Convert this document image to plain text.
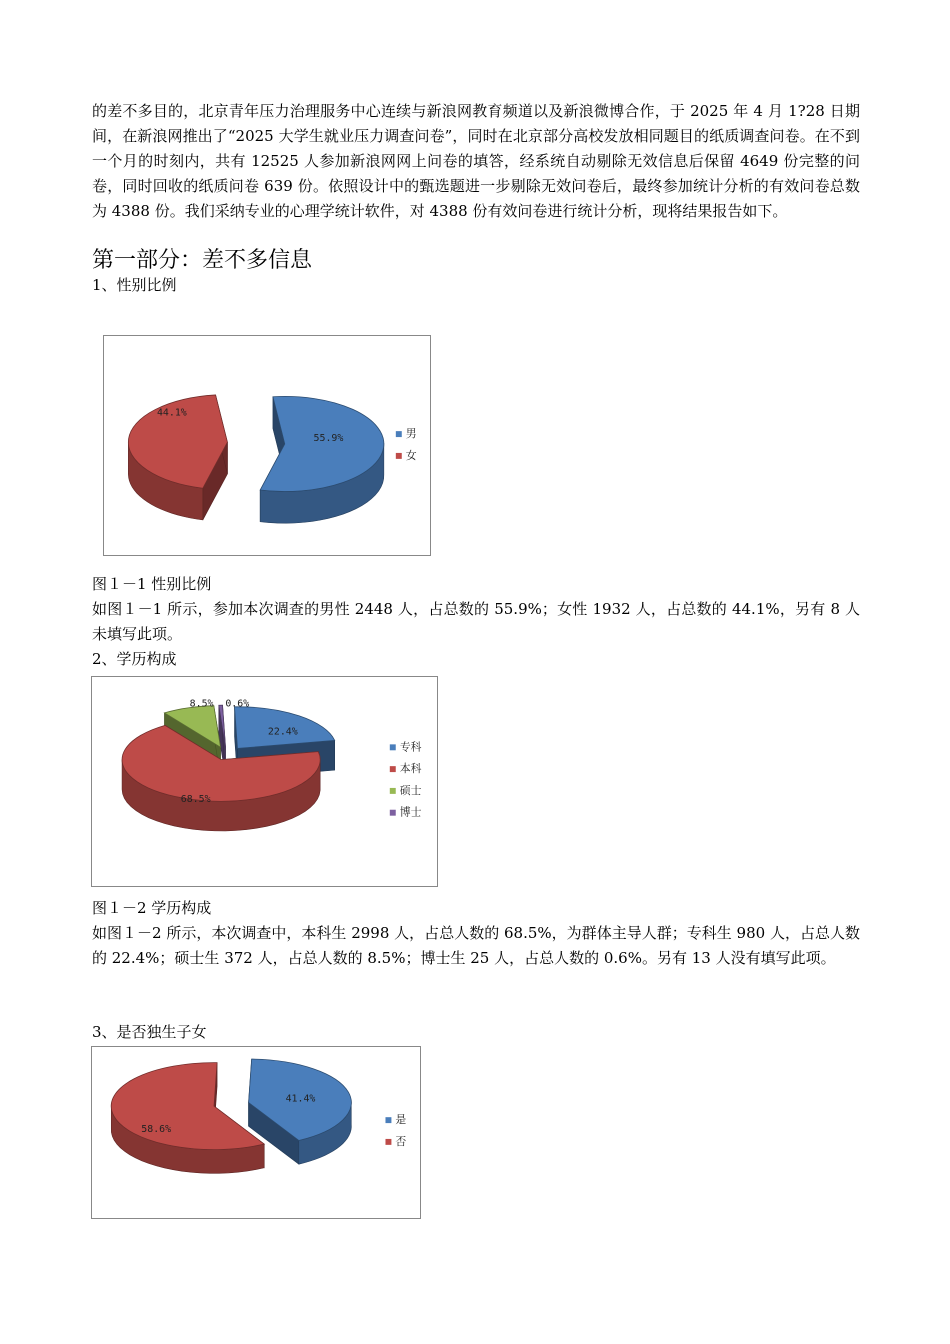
的差不多目的，北京青年压力治理服务中心连续与新浪网教育频道以及新浪微博合作，于 2025 年 4 月 1?28 日期间，在新浪网推出了“2025 大学生就业压力调查问卷”，同时在北京部分高校发放相同题目的纸质调查问卷。在不到一个月的时刻内，共有 12525 人参加新浪网网上问卷的填答，经系统自动剔除无效信息后保留 4649 份完整的问卷，同时回收的纸质问卷 639 份。依照设计中的甄选题进一步剔除无效问卷后，最终参加统计分析的有效问卷总数为 4388 份。我们采纳专业的心理学统计软件，对 4388 份有效问卷进行统计分析，现将结果报告如下。

第一部分：差不多信息

1、性别比例

55.9%
44.1%
男
女

图１－1 性别比例

如图１－1 所示，参加本次调查的男性 2448 人，占总数的 55.9%；女性 1932 人，占总数的 44.1%，另有 8 人未填写此项。

2、学历构成

22.4%
68.5%
8.5% 0.6%
专科
本科
硕士
博士

图１－2 学历构成

如图１－2 所示，本次调查中，本科生 2998 人，占总人数的 68.5%，为群体主导人群；专科生 980 人，占总人数的 22.4%；硕士生 372 人，占总人数的 8.5%；博士生 25 人，占总人数的 0.6%。另有 13 人没有填写此项。

3、是否独生子女

41.4%
58.6%
是
否
